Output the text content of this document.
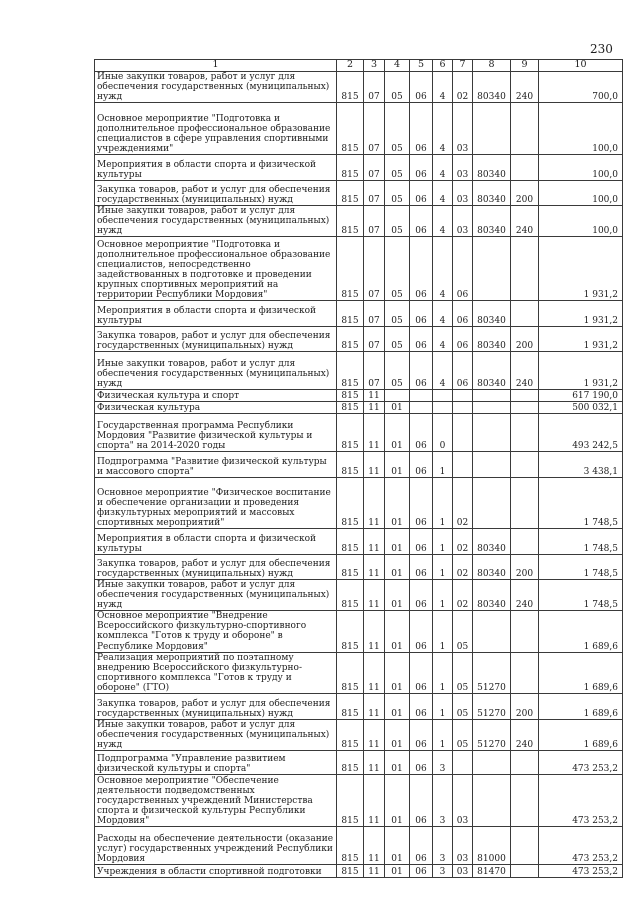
230
1	2	3	4	5	6	7	8	9	10
Иные закупки товаров, работ и услуг для обеспечения государственных (муниципальных) нужд	815	07	05	06	4	02	80340	240	700,0
Основное мероприятие "Подготовка и дополнительное профессиональное образование специалистов в сфере управления спортивными учреждениями"	815	07	05	06	4	03			100,0
Мероприятия в области спорта и физической культуры	815	07	05	06	4	03	80340		100,0
Закупка товаров, работ и услуг для обеспечения государственных (муниципальных) нужд	815	07	05	06	4	03	80340	200	100,0
Иные закупки товаров, работ и услуг для обеспечения государственных (муниципальных) нужд	815	07	05	06	4	03	80340	240	100,0
Основное мероприятие "Подготовка и дополнительное профессиональное образование специалистов, непосредственно задействованных в подготовке и проведении крупных спортивных мероприятий на территории Республики Мордовия"	815	07	05	06	4	06			1 931,2
Мероприятия в области спорта и физической культуры	815	07	05	06	4	06	80340		1 931,2
Закупка товаров, работ и услуг для обеспечения государственных (муниципальных) нужд	815	07	05	06	4	06	80340	200	1 931,2
Иные закупки товаров, работ и услуг для обеспечения государственных (муниципальных) нужд	815	07	05	06	4	06	80340	240	1 931,2
Физическая культура и спорт	815	11							617 190,0
Физическая культура	815	11	01						500 032,1
Государственная программа Республики Мордовия "Развитие физической культуры и спорта" на 2014-2020 годы	815	11	01	06	0				493 242,5
Подпрограмма "Развитие физической культуры и массового спорта"	815	11	01	06	1				3 438,1
Основное мероприятие "Физическое воспитание и обеспечение организации и проведения физкультурных мероприятий и массовых спортивных мероприятий"	815	11	01	06	1	02			1 748,5
Мероприятия в области спорта и физической культуры	815	11	01	06	1	02	80340		1 748,5
Закупка товаров, работ и услуг для обеспечения государственных (муниципальных) нужд	815	11	01	06	1	02	80340	200	1 748,5
Иные закупки товаров, работ и услуг для обеспечения государственных (муниципальных) нужд	815	11	01	06	1	02	80340	240	1 748,5
Основное мероприятие "Внедрение Всероссийского физкультурно-спортивного комплекса "Готов к труду и обороне" в Республике Мордовия"	815	11	01	06	1	05			1 689,6
Реализация мероприятий по поэтапному внедрению Всероссийского физкультурно-спортивного комплекса "Готов к труду и обороне" (ГТО)	815	11	01	06	1	05	51270		1 689,6
Закупка товаров, работ и услуг для обеспечения государственных (муниципальных) нужд	815	11	01	06	1	05	51270	200	1 689,6
Иные закупки товаров, работ и услуг для обеспечения государственных (муниципальных) нужд	815	11	01	06	1	05	51270	240	1 689,6
Подпрограмма "Управление развитием физической культуры и спорта"	815	11	01	06	3				473 253,2
Основное мероприятие "Обеспечение деятельности подведомственных государственных учреждений Министерства спорта и физической культуры Республики Мордовия"	815	11	01	06	3	03			473 253,2
Расходы на обеспечение деятельности (оказание услуг) государственных учреждений Республики Мордовия	815	11	01	06	3	03	81000		473 253,2
Учреждения в области спортивной подготовки	815	11	01	06	3	03	81470		473 253,2
